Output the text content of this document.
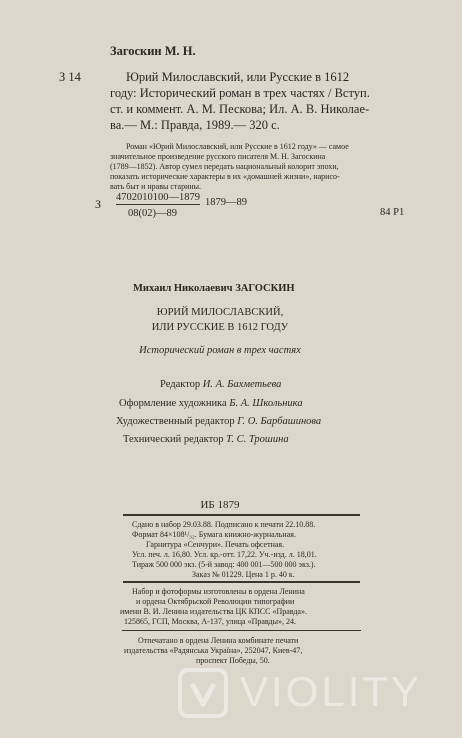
Загоскин М. Н.
З 14	Юрий Милославский, или Русские в 1612
году: Исторический роман в трех частях / Вступ.
ст. и коммент. А. М. Пескова; Ил. А. В. Николае-
ва.— М.: Правда, 1989.— 320 с.
Роман «Юрий Милославский, или Русские в 1612 году» — самое
значительное произведение русского писателя М. Н. Загоскина
(1789—1852). Автор сумел передать национальный колорит эпохи,
показать исторические характеры в их «домашней жизни», нарисо-
вать быт и нравы старины.
З 4702010100—1879 1879—89
08(02)—89	84 Р1
Михаил Николаевич ЗАГОСКИН
ЮРИЙ МИЛОСЛАВСКИЙ,
ИЛИ РУССКИЕ В 1612 ГОДУ
Исторический роман в трех частях
Редактор И. А. Бахметьева
Оформление художника Б. А. Школьника
Художественный редактор Г. О. Барбашинова
Технический редактор Т. С. Трошина
ИБ 1879
Сдано в набор 29.03.88. Подписано к печати 22.10.88.
Формат 84×108¹/₃₂. Бумага книжно-журнальная.
Гарнитура «Сенчури». Печать офсетная.
Усл. печ. л. 16,80. Усл. кр.-отт. 17,22. Уч.-изд. л. 18,01.
Тираж 500 000 экз. (5-й завод: 400 001—500 000 экз.).
Заказ № 01229. Цена 1 р. 40 к.
Набор и фотоформы изготовлены в ордена Ленина
и ордена Октябрьской Революции типографии
имени В. И. Ленина издательства ЦК КПСС «Правда».
125865, ГСП, Москва, А-137, улица «Правды», 24.
Отпечатано в ордена Ленина комбинате печати
издательства «Радянська Україна», 252047, Киев-47,
проспект Победы, 50.
VIOLITY
